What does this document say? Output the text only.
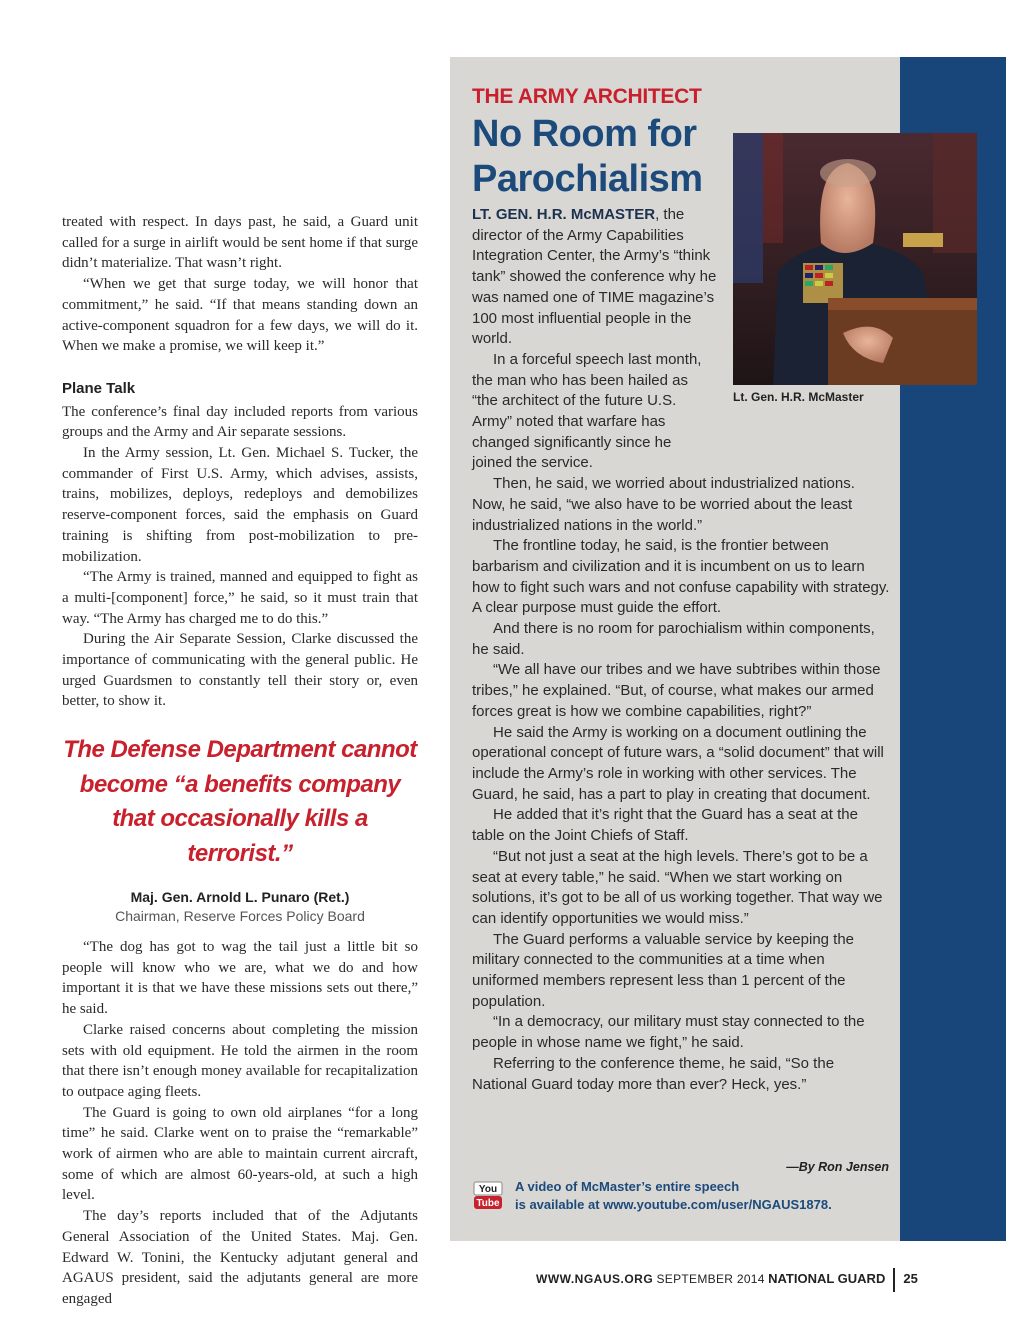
treated with respect. In days past, he said, a Guard unit called for a surge in airlift would be sent home if that surge didn’t materialize. That wasn’t right.

“When we get that surge today, we will honor that commitment,” he said. “If that means standing down an active-component squadron for a few days, we will do it. When we make a promise, we will keep it.”

Plane Talk

The conference’s final day included reports from various groups and the Army and Air separate sessions.

In the Army session, Lt. Gen. Michael S. Tucker, the commander of First U.S. Army, which advises, assists, trains, mobilizes, deploys, redeploys and demobilizes reserve-component forces, said the emphasis on Guard training is shifting from post-mobilization to pre-mobilization.

“The Army is trained, manned and equipped to fight as a multi-[component] force,” he said, so it must train that way. “The Army has charged me to do this.”

During the Air Separate Session, Clarke discussed the importance of communicating with the general public. He urged Guardsmen to constantly tell their story or, even better, to show it.

The Defense Department cannot become “a benefits company that occasionally kills a terrorist.”

Maj. Gen. Arnold L. Punaro (Ret.)

Chairman, Reserve Forces Policy Board

“The dog has got to wag the tail just a little bit so people will know who we are, what we do and how important it is that we have these missions sets out there,” he said.

Clarke raised concerns about completing the mission sets with old equipment. He told the airmen in the room that there isn’t enough money available for recapitalization to outpace aging fleets.

The Guard is going to own old airplanes “for a long time” he said. Clarke went on to praise the “remarkable” work of airmen who are able to maintain current aircraft, some of which are almost 60-years-old, at such a high level.

The day’s reports included that of the Adjutants General Association of the United States. Maj. Gen. Edward W. Tonini, the Kentucky adjutant general and AGAUS president, said the adjutants general are more engaged

THE ARMY ARCHITECT

No Room for Parochialism

Lt. Gen. H.R. McMaster

LT. GEN. H.R. McMASTER, the director of the Army Capabilities Integration Center, the Army’s “think tank” showed the conference why he was named one of TIME magazine’s 100 most influential people in the world.

In a forceful speech last month, the man who has been hailed as “the architect of the future U.S. Army” noted that warfare has changed significantly since he joined the service.

Then, he said, we worried about industrialized nations. Now, he said, “we also have to be worried about the least industrialized nations in the world.”

The frontline today, he said, is the frontier between barbarism and civilization and it is incumbent on us to learn how to fight such wars and not confuse capability with strategy. A clear purpose must guide the effort.

And there is no room for parochialism within components, he said.

“We all have our tribes and we have subtribes within those tribes,” he explained. “But, of course, what makes our armed forces great is how we combine capabilities, right?”

He said the Army is working on a document outlining the operational concept of future wars, a “solid document” that will include the Army’s role in working with other services. The Guard, he said, has a part to play in creating that document.

He added that it’s right that the Guard has a seat at the table on the Joint Chiefs of Staff.

“But not just a seat at the high levels. There’s got to be a seat at every table,” he said. “When we start working on solutions, it’s got to be all of us working together. That way we can identify opportunities we would miss.”

The Guard performs a valuable service by keeping the military connected to the communities at a time when uniformed members represent less than 1 percent of the population.

“In a democracy, our military must stay connected to the people in whose name we fight,” he said.

Referring to the conference theme, he said, “So the National Guard today more than ever? Heck, yes.”

—By Ron Jensen

You
Tube

A video of McMaster’s entire speech
is available at www.youtube.com/user/NGAUS1878.

WWW.NGAUS.ORG SEPTEMBER 2014 NATIONAL GUARD 25
